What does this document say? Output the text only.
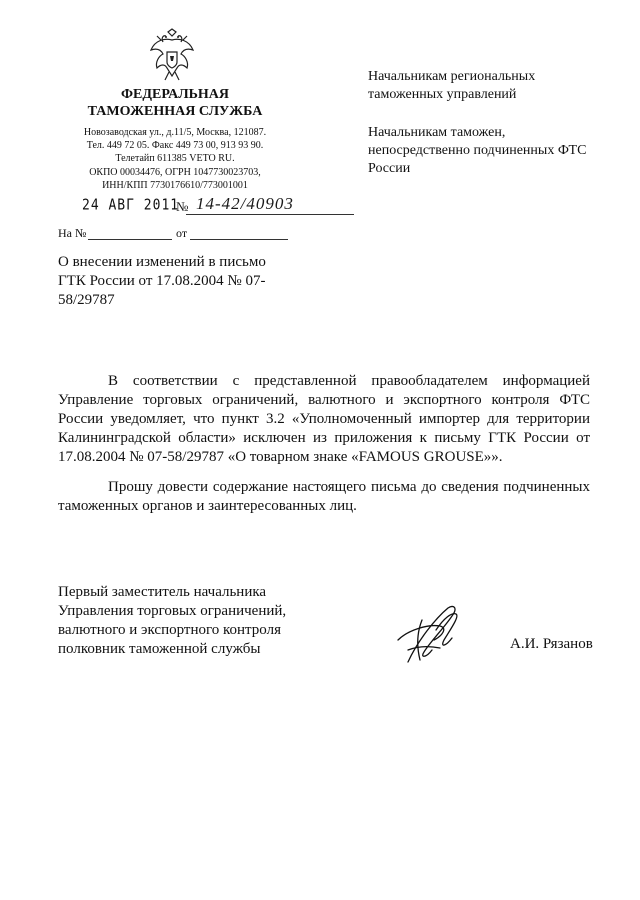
ФЕДЕРАЛЬНАЯ
ТАМОЖЕННАЯ СЛУЖБА
Новозаводская ул., д.11/5, Москва, 121087.
Тел. 449 72 05. Факс 449 73 00, 913 93 90.
Телетайп 611385 VETO RU.
ОКПО 00034476, ОГРН 1047730023703,
ИНН/КПП 7730176610/773001001
Начальникам региональных таможенных управлений
Начальникам таможен, непосредственно подчиненных ФТС России
24 АВГ 2011
№ 14-42/40903
На №	от
О внесении изменений в письмо ГТК России от 17.08.2004 № 07-58/29787
В соответствии с представленной правообладателем информацией Управление торговых ограничений, валютного и экспортного контроля ФТС России уведомляет, что пункт 3.2 «Уполномоченный импортер для территории Калининградской области» исключен из приложения к письму ГТК России от 17.08.2004 № 07-58/29787 «О товарном знаке «FAMOUS GROUSE»».
Прошу довести содержание настоящего письма до сведения подчиненных таможенных органов и заинтересованных лиц.
Первый заместитель начальника
Управления торговых ограничений,
валютного и экспортного контроля
полковник таможенной службы	А.И. Рязанов
